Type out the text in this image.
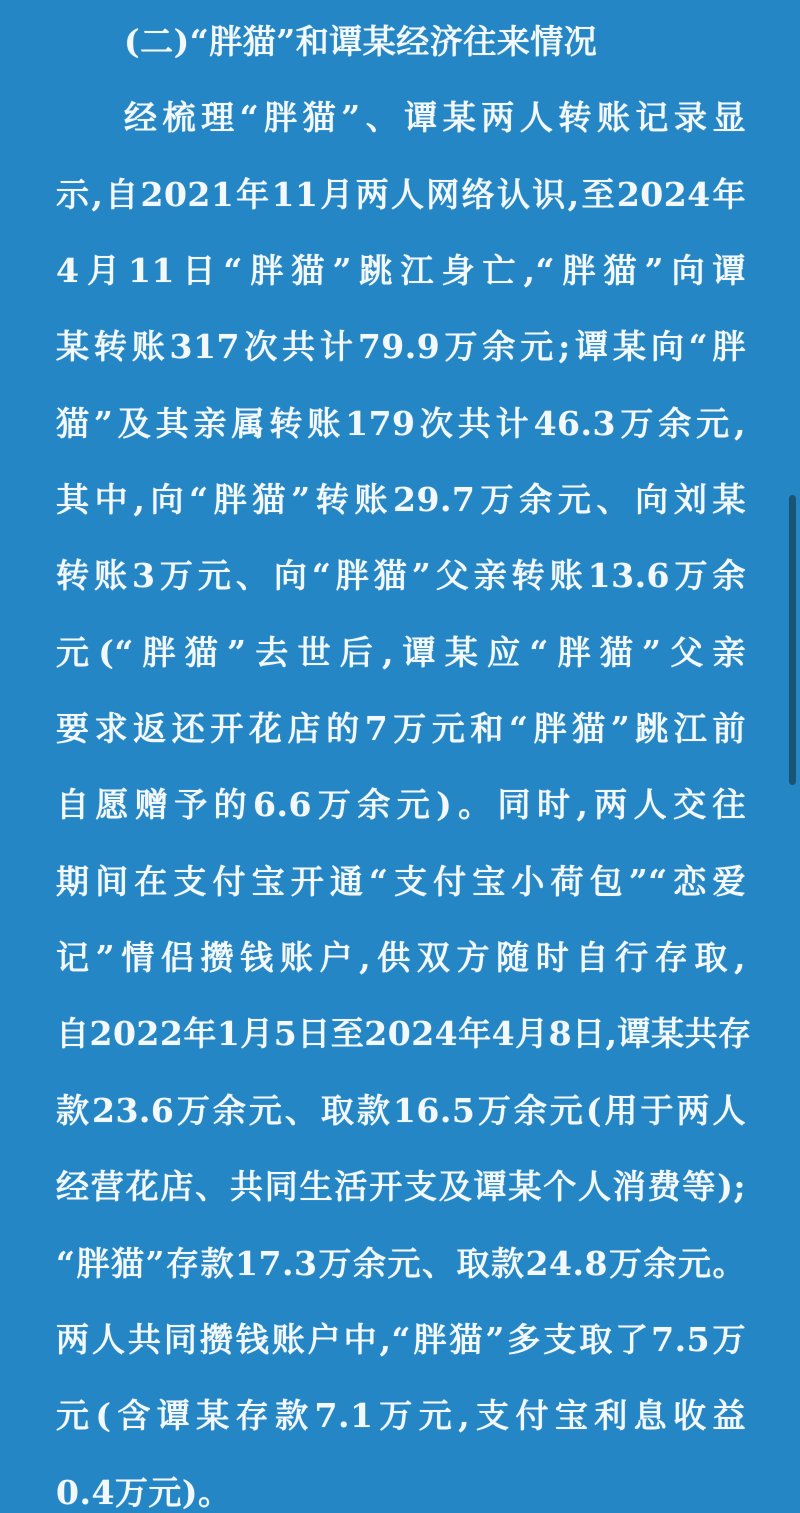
(二)“胖猫”和谭某经济往来情况
经梳理“胖猫”、谭某两人转账记录显
示,自2021年11月两人网络认识,至2024年
4月11日“胖猫”跳江身亡,“胖猫”向谭
某转账317次共计79.9万余元;谭某向“胖
猫”及其亲属转账179次共计46.3万余元,
其中,向“胖猫”转账29.7万余元、向刘某
转账3万元、向“胖猫”父亲转账13.6万余
元(“胖猫”去世后,谭某应“胖猫”父亲
要求返还开花店的7万元和“胖猫”跳江前
自愿赠予的6.6万余元)。同时,两人交往
期间在支付宝开通“支付宝小荷包”“恋爱
记”情侣攒钱账户,供双方随时自行存取,
自2022年1月5日至2024年4月8日,谭某共存
款23.6万余元、取款16.5万余元(用于两人
经营花店、共同生活开支及谭某个人消费等);
“胖猫”存款17.3万余元、取款24.8万余元。
两人共同攒钱账户中,“胖猫”多支取了7.5万
元(含谭某存款7.1万元,支付宝利息收益
0.4万元)。
